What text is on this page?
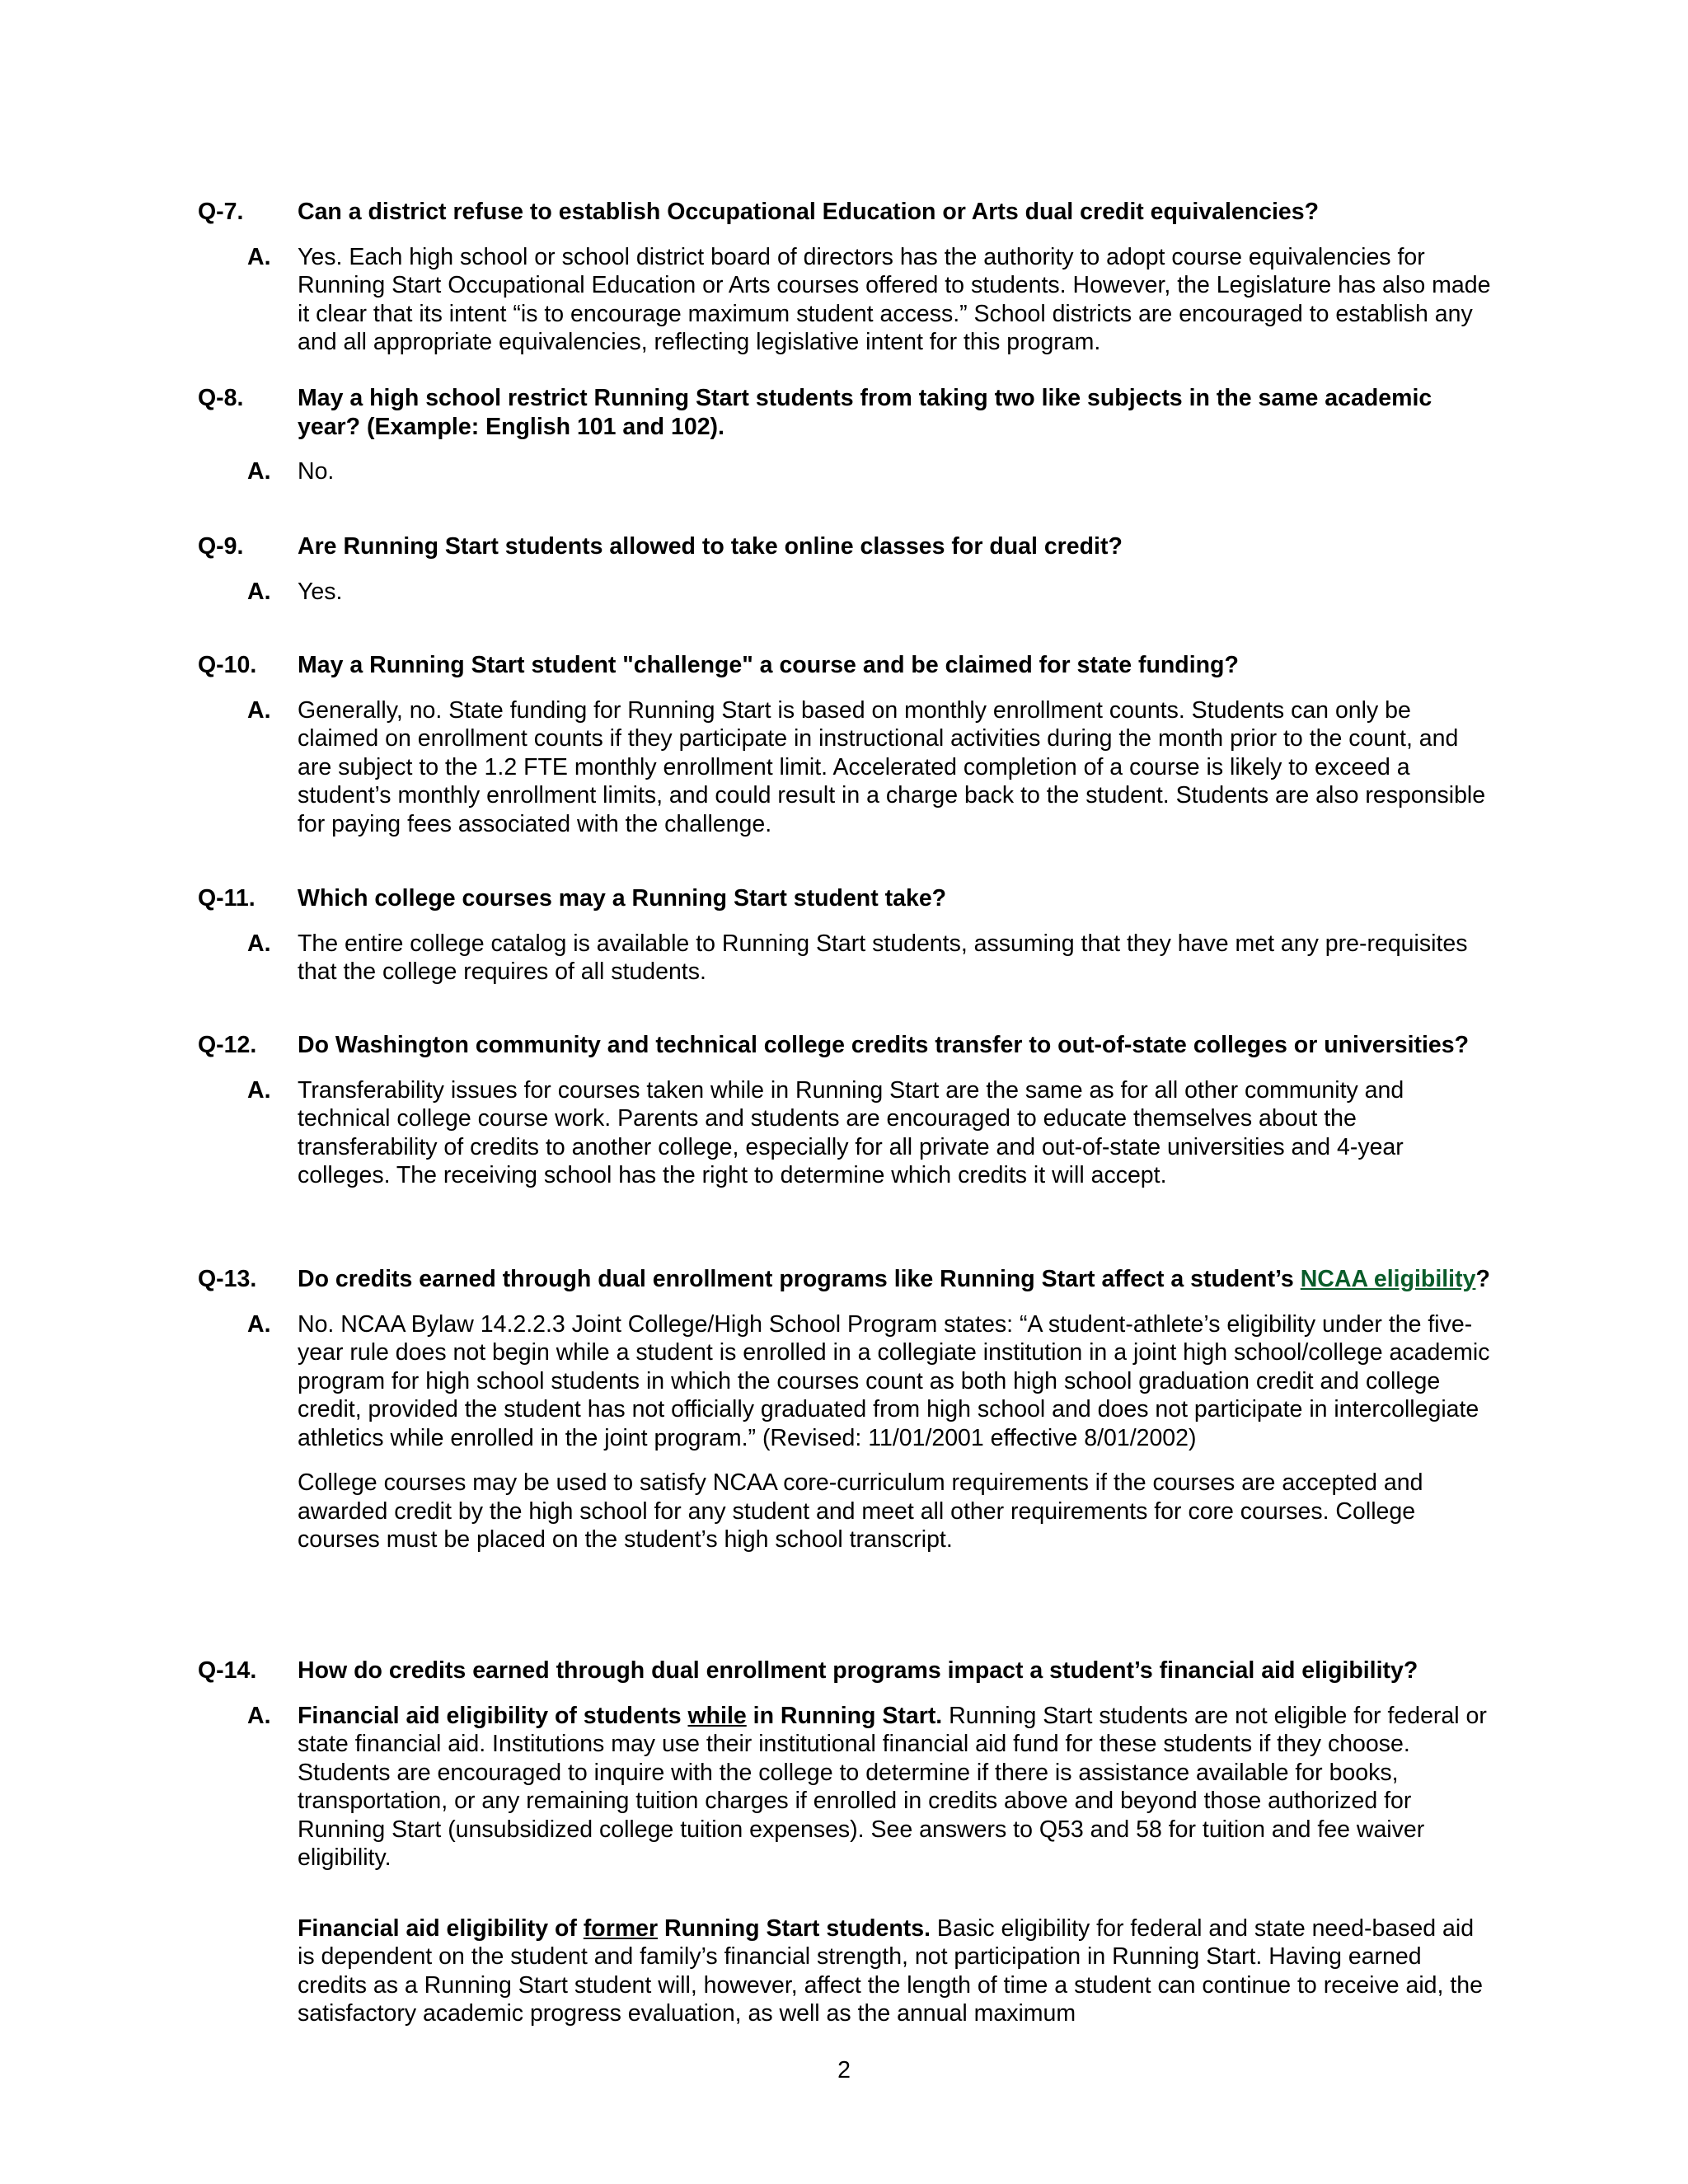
Q-7. Can a district refuse to establish Occupational Education or Arts dual credit equivalencies?
A. Yes. Each high school or school district board of directors has the authority to adopt course equivalencies for Running Start Occupational Education or Arts courses offered to students. However, the Legislature has also made it clear that its intent “is to encourage maximum student access.” School districts are encouraged to establish any and all appropriate equivalencies, reflecting legislative intent for this program.
Q-8. May a high school restrict Running Start students from taking two like subjects in the same academic year? (Example: English 101 and 102).
A. No.
Q-9. Are Running Start students allowed to take online classes for dual credit?
A. Yes.
Q-10. May a Running Start student "challenge" a course and be claimed for state funding?
A. Generally, no. State funding for Running Start is based on monthly enrollment counts. Students can only be claimed on enrollment counts if they participate in instructional activities during the month prior to the count, and are subject to the 1.2 FTE monthly enrollment limit. Accelerated completion of a course is likely to exceed a student’s monthly enrollment limits, and could result in a charge back to the student. Students are also responsible for paying fees associated with the challenge.
Q-11. Which college courses may a Running Start student take?
A. The entire college catalog is available to Running Start students, assuming that they have met any pre-requisites that the college requires of all students.
Q-12. Do Washington community and technical college credits transfer to out-of-state colleges or universities?
A. Transferability issues for courses taken while in Running Start are the same as for all other community and technical college course work. Parents and students are encouraged to educate themselves about the transferability of credits to another college, especially for all private and out-of-state universities and 4-year colleges. The receiving school has the right to determine which credits it will accept.
Q-13. Do credits earned through dual enrollment programs like Running Start affect a student’s NCAA eligibility?
A. No. NCAA Bylaw 14.2.2.3 Joint College/High School Program states: “A student-athlete’s eligibility under the five-year rule does not begin while a student is enrolled in a collegiate institution in a joint high school/college academic program for high school students in which the courses count as both high school graduation credit and college credit, provided the student has not officially graduated from high school and does not participate in intercollegiate athletics while enrolled in the joint program.” (Revised: 11/01/2001 effective 8/01/2002)
College courses may be used to satisfy NCAA core-curriculum requirements if the courses are accepted and awarded credit by the high school for any student and meet all other requirements for core courses. College courses must be placed on the student’s high school transcript.
Q-14. How do credits earned through dual enrollment programs impact a student’s financial aid eligibility?
A. Financial aid eligibility of students while in Running Start. Running Start students are not eligible for federal or state financial aid. Institutions may use their institutional financial aid fund for these students if they choose. Students are encouraged to inquire with the college to determine if there is assistance available for books, transportation, or any remaining tuition charges if enrolled in credits above and beyond those authorized for Running Start (unsubsidized college tuition expenses). See answers to Q53 and 58 for tuition and fee waiver eligibility.
Financial aid eligibility of former Running Start students. Basic eligibility for federal and state need-based aid is dependent on the student and family’s financial strength, not participation in Running Start. Having earned credits as a Running Start student will, however, affect the length of time a student can continue to receive aid, the satisfactory academic progress evaluation, as well as the annual maximum
2
